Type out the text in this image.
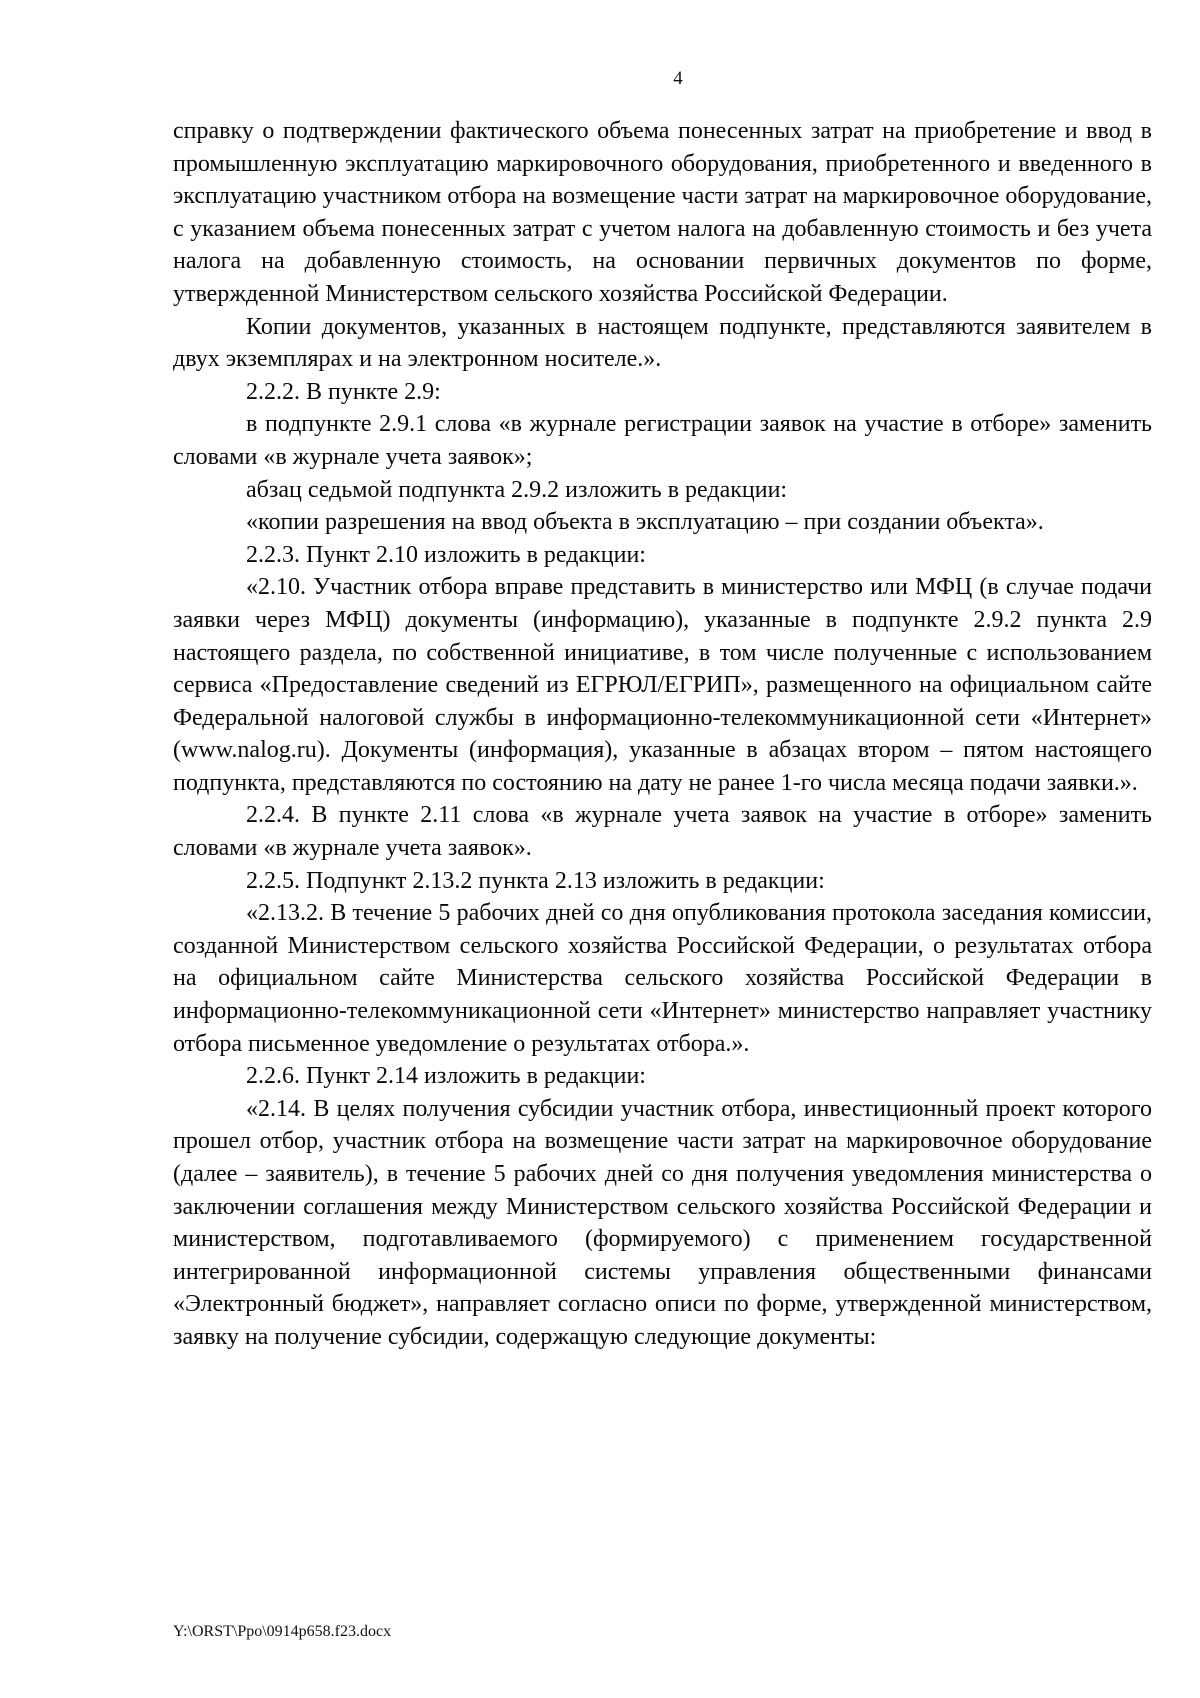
4

справку о подтверждении фактического объема понесенных затрат на приобретение и ввод в промышленную эксплуатацию маркировочного оборудования, приобретенного и введенного в эксплуатацию участником отбора на возмещение части затрат на маркировочное оборудование, с указанием объема понесенных затрат с учетом налога на добавленную стоимость и без учета налога на добавленную стоимость, на основании первичных документов по форме, утвержденной Министерством сельского хозяйства Российской Федерации.

Копии документов, указанных в настоящем подпункте, представляются заявителем в двух экземплярах и на электронном носителе.».

2.2.2. В пункте 2.9:

в подпункте 2.9.1 слова «в журнале регистрации заявок на участие в отборе» заменить словами «в журнале учета заявок»;

абзац седьмой подпункта 2.9.2 изложить в редакции:

«копии разрешения на ввод объекта в эксплуатацию – при создании объекта».

2.2.3. Пункт 2.10 изложить в редакции:

«2.10. Участник отбора вправе представить в министерство или МФЦ (в случае подачи заявки через МФЦ) документы (информацию), указанные в подпункте 2.9.2 пункта 2.9 настоящего раздела, по собственной инициативе, в том числе полученные с использованием сервиса «Предоставление сведений из ЕГРЮЛ/ЕГРИП», размещенного на официальном сайте Федеральной налоговой службы в информационно-телекоммуникационной сети «Интернет» (www.nalog.ru). Документы (информация), указанные в абзацах втором – пятом настоящего подпункта, представляются по состоянию на дату не ранее 1-го числа месяца подачи заявки.».

2.2.4. В пункте 2.11 слова «в журнале учета заявок на участие в отборе» заменить словами «в журнале учета заявок».

2.2.5. Подпункт 2.13.2 пункта 2.13 изложить в редакции:

«2.13.2. В течение 5 рабочих дней со дня опубликования протокола заседания комиссии, созданной Министерством сельского хозяйства Российской Федерации, о результатах отбора на официальном сайте Министерства сельского хозяйства Российской Федерации в информационно-телекоммуникационной сети «Интернет» министерство направляет участнику отбора письменное уведомление о результатах отбора.».

2.2.6. Пункт 2.14 изложить в редакции:

«2.14. В целях получения субсидии участник отбора, инвестиционный проект которого прошел отбор, участник отбора на возмещение части затрат на маркировочное оборудование (далее – заявитель), в течение 5 рабочих дней со дня получения уведомления министерства о заключении соглашения между Министерством сельского хозяйства Российской Федерации и министерством, подготавливаемого (формируемого) с применением государственной интегрированной информационной системы управления общественными финансами «Электронный бюджет», направляет согласно описи по форме, утвержденной министерством, заявку на получение субсидии, содержащую следующие документы:

Y:\ORST\Ppo\0914p658.f23.docx
